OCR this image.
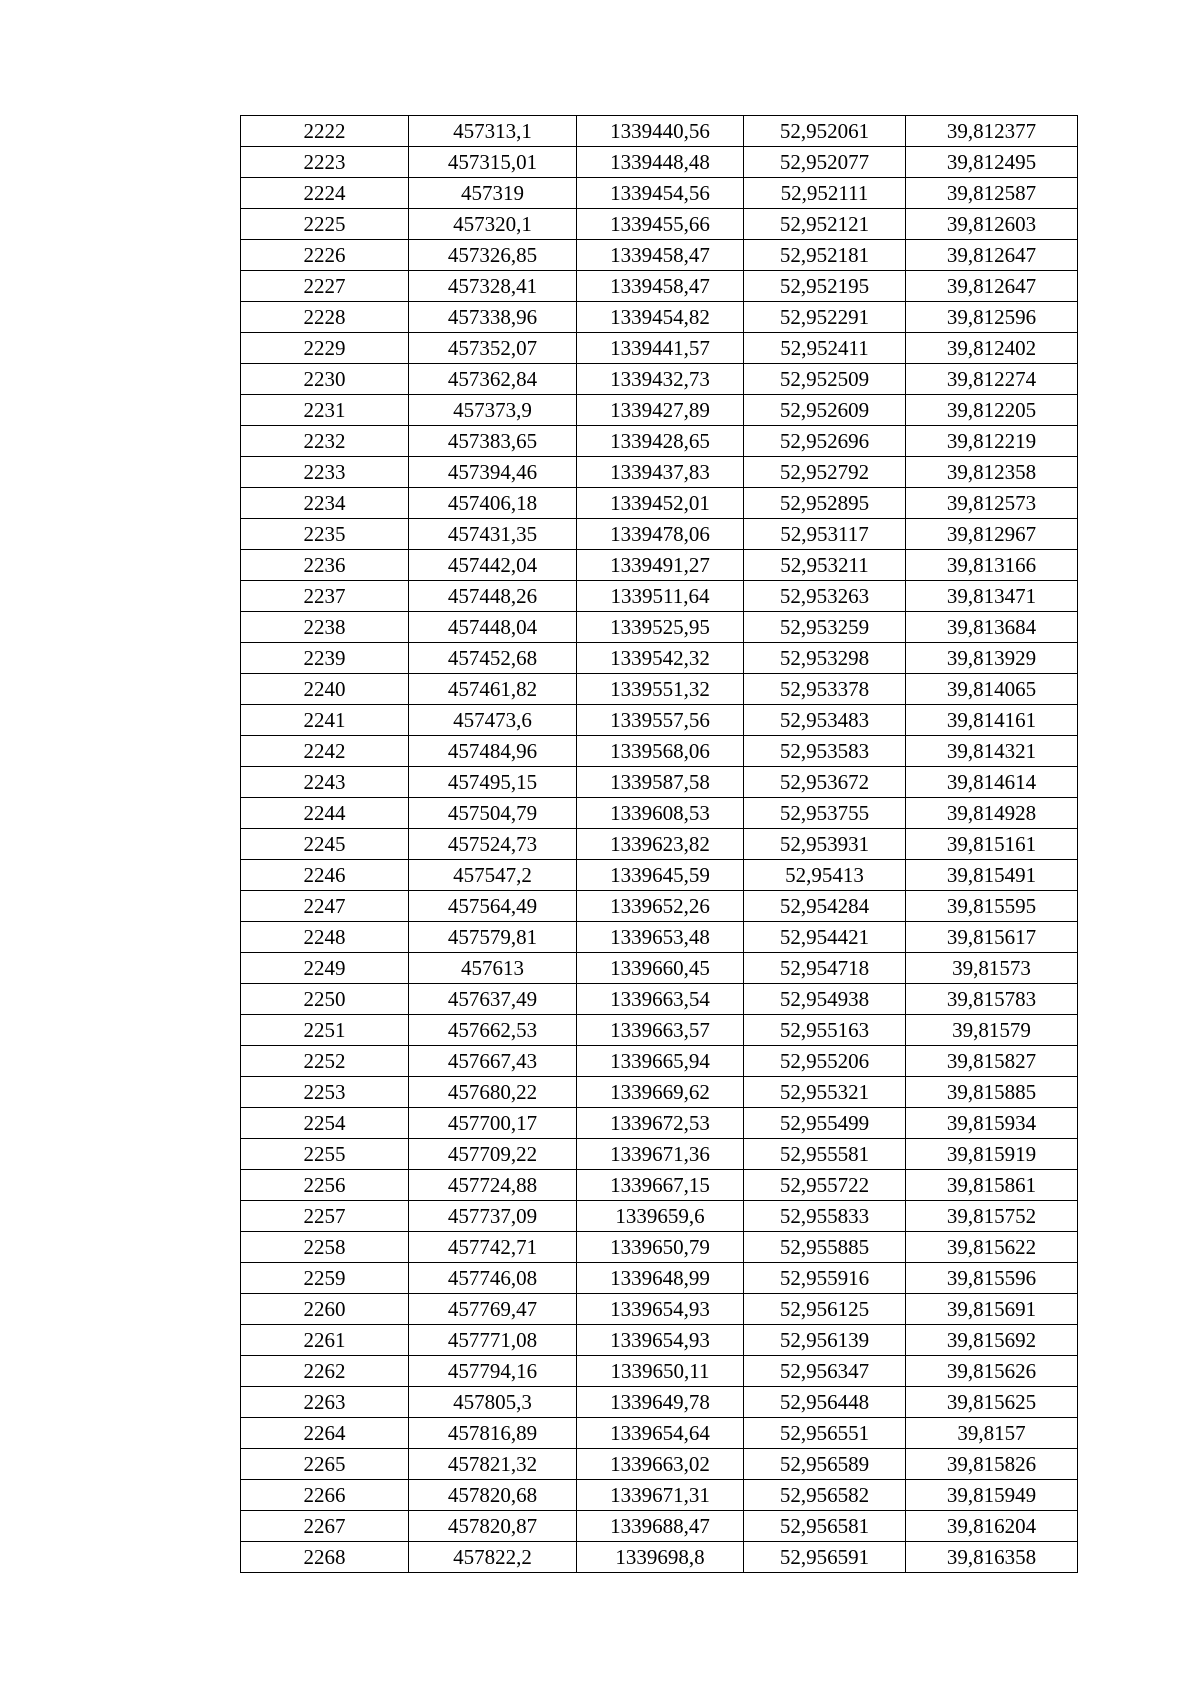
2222	457313,1	1339440,56	52,952061	39,812377
2223	457315,01	1339448,48	52,952077	39,812495
2224	457319	1339454,56	52,952111	39,812587
2225	457320,1	1339455,66	52,952121	39,812603
2226	457326,85	1339458,47	52,952181	39,812647
2227	457328,41	1339458,47	52,952195	39,812647
2228	457338,96	1339454,82	52,952291	39,812596
2229	457352,07	1339441,57	52,952411	39,812402
2230	457362,84	1339432,73	52,952509	39,812274
2231	457373,9	1339427,89	52,952609	39,812205
2232	457383,65	1339428,65	52,952696	39,812219
2233	457394,46	1339437,83	52,952792	39,812358
2234	457406,18	1339452,01	52,952895	39,812573
2235	457431,35	1339478,06	52,953117	39,812967
2236	457442,04	1339491,27	52,953211	39,813166
2237	457448,26	1339511,64	52,953263	39,813471
2238	457448,04	1339525,95	52,953259	39,813684
2239	457452,68	1339542,32	52,953298	39,813929
2240	457461,82	1339551,32	52,953378	39,814065
2241	457473,6	1339557,56	52,953483	39,814161
2242	457484,96	1339568,06	52,953583	39,814321
2243	457495,15	1339587,58	52,953672	39,814614
2244	457504,79	1339608,53	52,953755	39,814928
2245	457524,73	1339623,82	52,953931	39,815161
2246	457547,2	1339645,59	52,95413	39,815491
2247	457564,49	1339652,26	52,954284	39,815595
2248	457579,81	1339653,48	52,954421	39,815617
2249	457613	1339660,45	52,954718	39,81573
2250	457637,49	1339663,54	52,954938	39,815783
2251	457662,53	1339663,57	52,955163	39,81579
2252	457667,43	1339665,94	52,955206	39,815827
2253	457680,22	1339669,62	52,955321	39,815885
2254	457700,17	1339672,53	52,955499	39,815934
2255	457709,22	1339671,36	52,955581	39,815919
2256	457724,88	1339667,15	52,955722	39,815861
2257	457737,09	1339659,6	52,955833	39,815752
2258	457742,71	1339650,79	52,955885	39,815622
2259	457746,08	1339648,99	52,955916	39,815596
2260	457769,47	1339654,93	52,956125	39,815691
2261	457771,08	1339654,93	52,956139	39,815692
2262	457794,16	1339650,11	52,956347	39,815626
2263	457805,3	1339649,78	52,956448	39,815625
2264	457816,89	1339654,64	52,956551	39,8157
2265	457821,32	1339663,02	52,956589	39,815826
2266	457820,68	1339671,31	52,956582	39,815949
2267	457820,87	1339688,47	52,956581	39,816204
2268	457822,2	1339698,8	52,956591	39,816358
